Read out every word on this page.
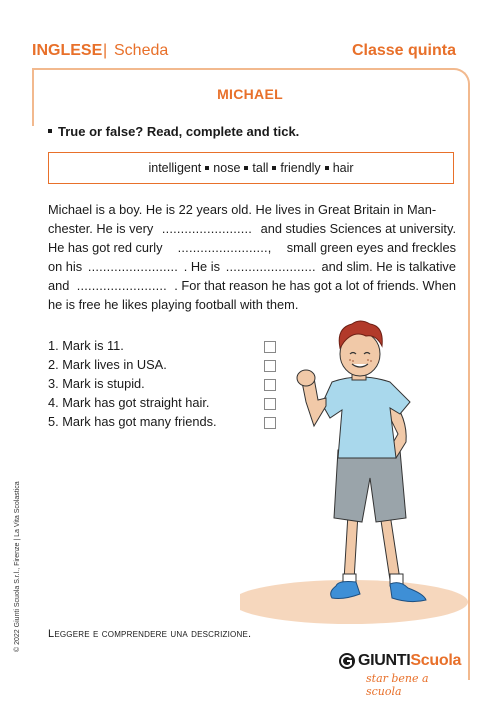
INGLESE | Scheda	Classe quinta
MICHAEL
True or false? Read, complete and tick.
intelligent nose tall friendly hair
Michael is a boy. He is 22 years old. He lives in Great Britain in Man-
chester. He is very ........................ and studies Sciences at university.
He has got red curly ........................, small green eyes and freckles
on his ........................ . He is ........................ and slim. He is talkative
and ........................ . For that reason he has got a lot of friends. When
he is free he likes playing football with them.
1. Mark is 11.
2. Mark lives in USA.
3. Mark is stupid.
4. Mark has got straight hair.
5. Mark has got many friends.
Leggere e comprendere una descrizione.
© 2022 Giunti Scuola S.r.l., Firenze | La Vita Scolastica
GIUNTIScuola
star bene a scuola
